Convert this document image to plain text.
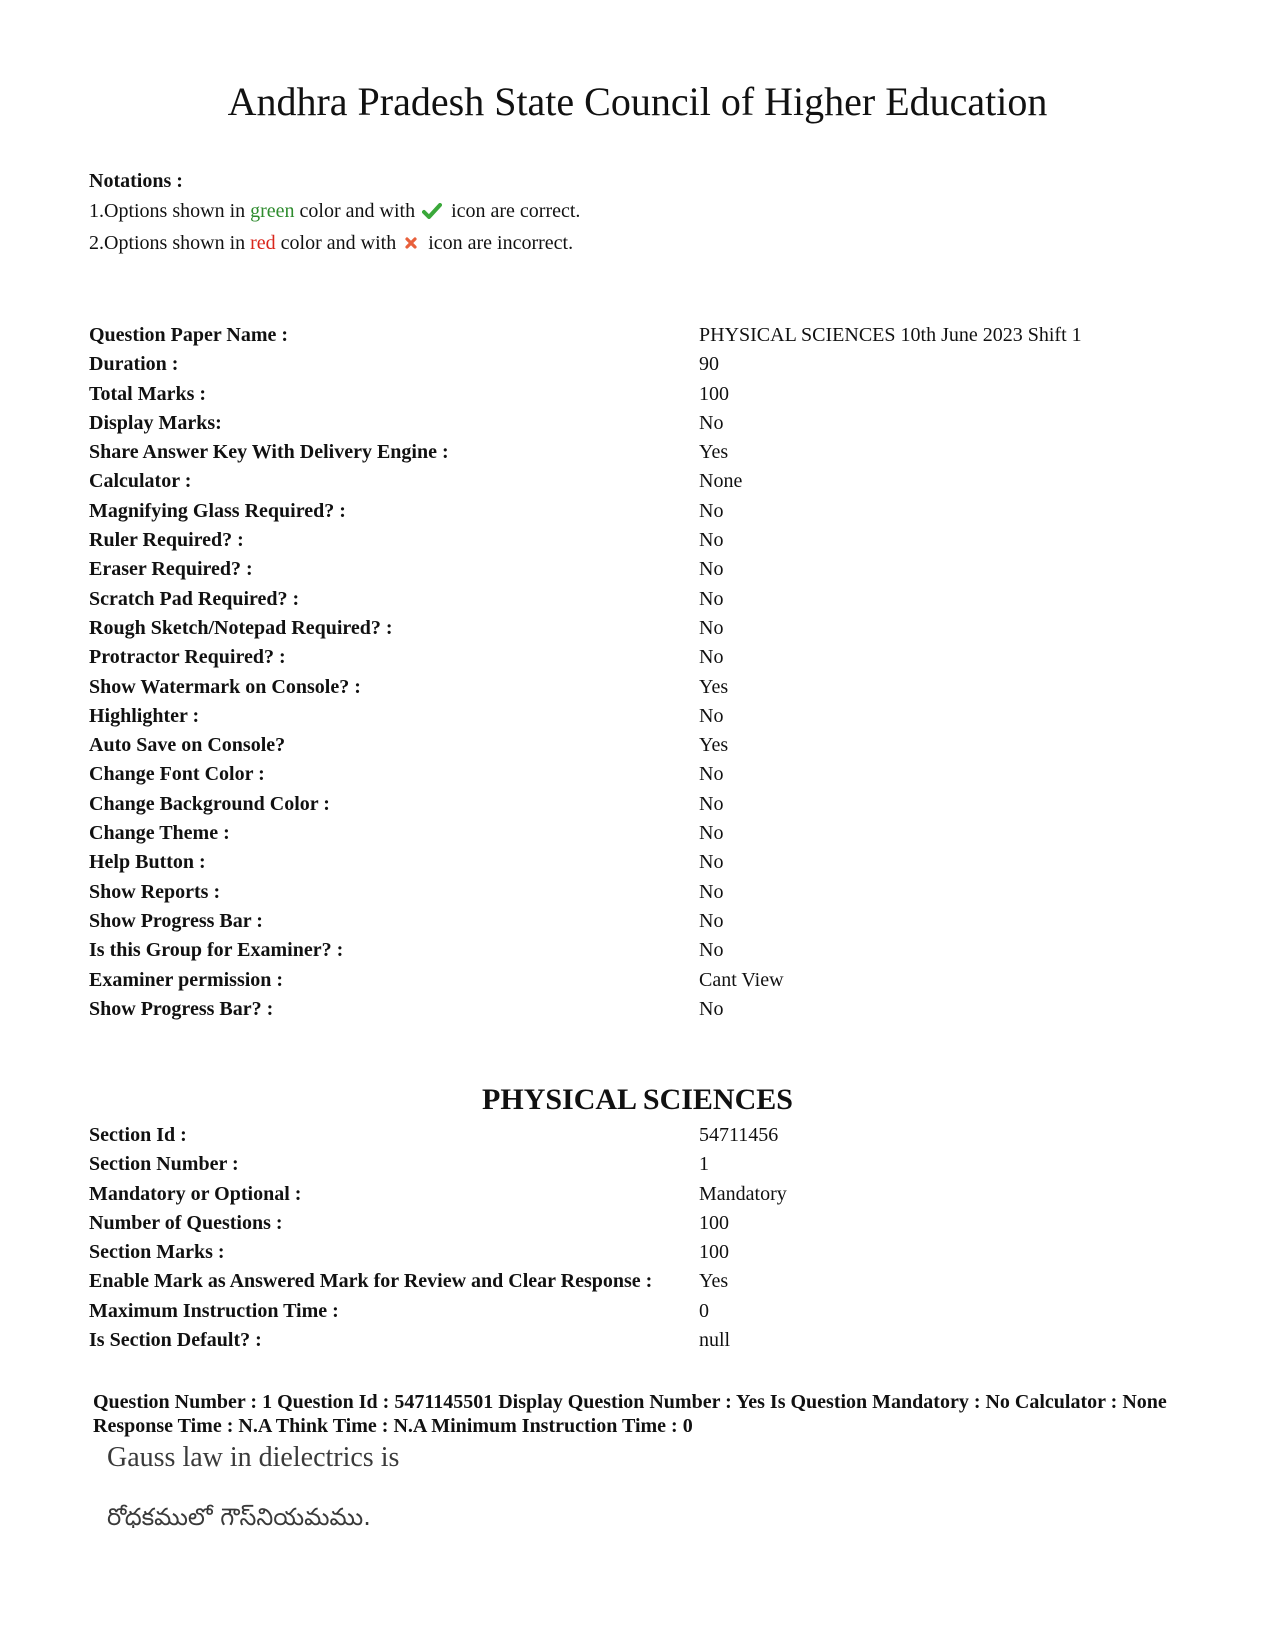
Andhra Pradesh State Council of Higher Education
Notations :
1.Options shown in green color and with  icon are correct.
2.Options shown in red color and with  icon are incorrect.
Question Paper Name :	PHYSICAL SCIENCES 10th June 2023 Shift 1
Duration :	90
Total Marks :	100
Display Marks:	No
Share Answer Key With Delivery Engine :	Yes
Calculator :	None
Magnifying Glass Required? :	No
Ruler Required? :	No
Eraser Required? :	No
Scratch Pad Required? :	No
Rough Sketch/Notepad Required? :	No
Protractor Required? :	No
Show Watermark on Console? :	Yes
Highlighter :	No
Auto Save on Console?	Yes
Change Font Color :	No
Change Background Color :	No
Change Theme :	No
Help Button :	No
Show Reports :	No
Show Progress Bar :	No
Is this Group for Examiner? :	No
Examiner permission :	Cant View
Show Progress Bar? :	No
PHYSICAL SCIENCES
Section Id :	54711456
Section Number :	1
Mandatory or Optional :	Mandatory
Number of Questions :	100
Section Marks :	100
Enable Mark as Answered Mark for Review and Clear Response : Yes
Maximum Instruction Time :	0
Is Section Default? :	null
Question Number : 1 Question Id : 5471145501 Display Question Number : Yes Is Question Mandatory : No Calculator : None Response Time : N.A Think Time : N.A Minimum Instruction Time : 0

Gauss law in dielectrics is

రోధకములో గౌస్‌నియమము.
